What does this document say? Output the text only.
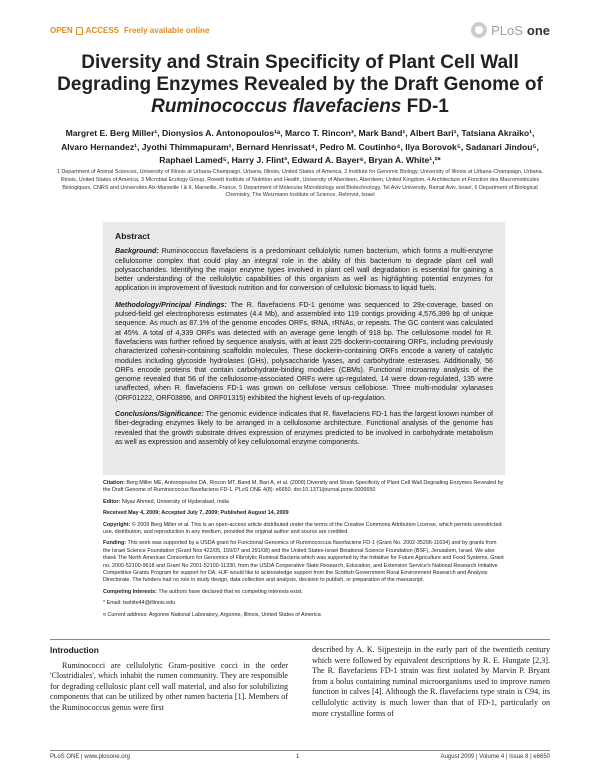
OPEN ACCESS Freely available online	PLoS one
Diversity and Strain Specificity of Plant Cell Wall
Degrading Enzymes Revealed by the Draft Genome of
Ruminococcus flavefaciens FD-1
Margret E. Berg Miller¹, Dionysios A. Antonopoulos¹ᵃ, Marco T. Rincon³, Mark Band¹, Albert Bari¹, Tatsiana Akraiko¹, Alvaro Hernandez¹, Jyothi Thimmapuram¹, Bernard Henrissat⁴, Pedro M. Coutinho⁴, Ilya Borovok⁵, Sadanari Jindou⁵, Raphael Lamed⁵, Harry J. Flint³, Edward A. Bayer⁶, Bryan A. White¹,²*
1 Department of Animal Sciences, University of Illinois at Urbana-Champaign, Urbana, Illinois, United States of America, 2 Institute for Genomic Biology, University of Illinois at Urbana-Champaign, Urbana, Illinois, United States of America, 3 Microbial Ecology Group, Rowett Institute of Nutrition and Health, University of Aberdeen, Aberdeen, United Kingdom, 4 Architecture et Fonction des Macromolécules Biologiques, CNRS and Universités Aix-Marseille I & II, Marseille, France, 5 Department of Molecular Microbiology and Biotechnology, Tel Aviv University, Ramat Aviv, Israel, 6 Department of Biological Chemistry, The Weizmann Institute of Science, Rehovot, Israel
Abstract

Background: Ruminococcus flavefaciens is a predominant cellulolytic rumen bacterium, which forms a multi-enzyme cellulosome complex that could play an integral role in the ability of this bacterium to degrade plant cell wall polysaccharides. Identifying the major enzyme types involved in plant cell wall degradation is essential for gaining a better understanding of the cellulolytic capabilities of this organism as well as highlighting potential enzymes for application in improvement of livestock nutrition and for conversion of cellulosic biomass to liquid fuels.

Methodology/Principal Findings: The R. flavefaciens FD-1 genome was sequenced to 29x-coverage, based on pulsed-field gel electrophoresis estimates (4.4 Mb), and assembled into 119 contigs providing 4,576,399 bp of unique sequence. As much as 87.1% of the genome encodes ORFs, tRNA, rRNAs, or repeats. The GC content was calculated at 45%. A total of 4,339 ORFs was detected with an average gene length of 918 bp. The cellulosome model for R. flavefaciens was further refined by sequence analysis, with at least 225 dockerin-containing ORFs, including previously characterized cohesin-containing scaffoldin molecules. These dockerin-containing ORFs encode a variety of catalytic modules including glycoside hydrolases (GHs), polysaccharide lyases, and carbohydrate esterases. Additionally, 56 ORFs encode proteins that contain carbohydrate-binding modules (CBMs). Functional microarray analysis of the genome revealed that 56 of the cellulosome-associated ORFs were up-regulated, 14 were down-regulated, 135 were unaffected, when R. flavefaciens FD-1 was grown on cellulose versus cellobiose. Three multi-modular xylanases (ORF01222, ORF03896, and ORF01315) exhibited the highest levels of up-regulation.

Conclusions/Significance: The genomic evidence indicates that R. flavefaciens FD-1 has the largest known number of fiber-degrading enzymes likely to be arranged in a cellulosome architecture. Functional analysis of the genome has revealed that the growth substrate drives expression of enzymes predicted to be involved in carbohydrate metabolism as well as expression and assembly of key cellulosomal enzyme components.

Citation: Berg Miller ME, Antonopoulos DA, Rincon MT, Band M, Bari A, et al. (2009) Diversity and Strain Specificity of Plant Cell Wall Degrading Enzymes Revealed by the Draft Genome of Ruminococcus flavefaciens FD-1. PLoS ONE 4(8): e6650. doi:10.1371/journal.pone.0006650

Editor: Niyaz Ahmed, University of Hyderabad, India

Received May 4, 2009; Accepted July 7, 2009; Published August 14, 2009

Copyright: © 2009 Berg Miller et al. This is an open-access article distributed under the terms of the Creative Commons Attribution License, which permits unrestricted use, distribution, and reproduction in any medium, provided the original author and source are credited.

Funding: This work was supported by a USDA grant for Functional Genomics of Ruminococcus flavefaciens FD-1 (Grant No. 2002-35206-11634) and by grants from the Israel Science Foundation (Grant Nos 422/05, 159/07 and 291/08) and the United States-Israel Binational Science Foundation (BSF), Jerusalem, Israel. We also thank The North American Consortium for Genomics of Fibrolytic Ruminal Bacteria which was supported by the Initiative for Future Agriculture and Food Systems, Grant no. 2000-52100-9618 and Grant No 2001-52100-11330, from the USDA Cooperative State Research, Education, and Extension Service's National Research Initiative Competitive Grants Program for support for DA. HJF would like to acknowledge support from the Scottish Government Rural Environment Research and Analysis Directorate. The funders had no role in study design, data collection and analysis, decision to publish, or preparation of the manuscript.

Competing Interests: The authors have declared that no competing interests exist.

* Email: bwhite44@illinois.edu

¤ Current address: Argonne National Laboratory, Argonne, Illinois, United States of America

Introduction

Ruminococci are cellulolytic Gram-positive cocci in the order 'Clostridiales', which inhabit the rumen community. They are responsible for degrading cellulosic plant cell wall material, and also for solubilizing components that can be utilized by other rumen bacteria [1]. Members of the Ruminococcus genus were first

described by A. K. Sijpesteijn in the early part of the twentieth century which were followed by equivalent descriptions by R. E. Hungate [2,3]. The R. flavefaciens FD-1 strain was first isolated by Marvin P. Bryant from a bolus containing ruminal microorganisms used to improve rumen function in calves [4]. Although the R. flavefaciens type strain is C94, its cellulolytic activity is much lower than that of FD-1, particularly on more crystalline forms of

PLoS ONE | www.plosone.org	1	August 2009 | Volume 4 | Issue 8 | e6650
